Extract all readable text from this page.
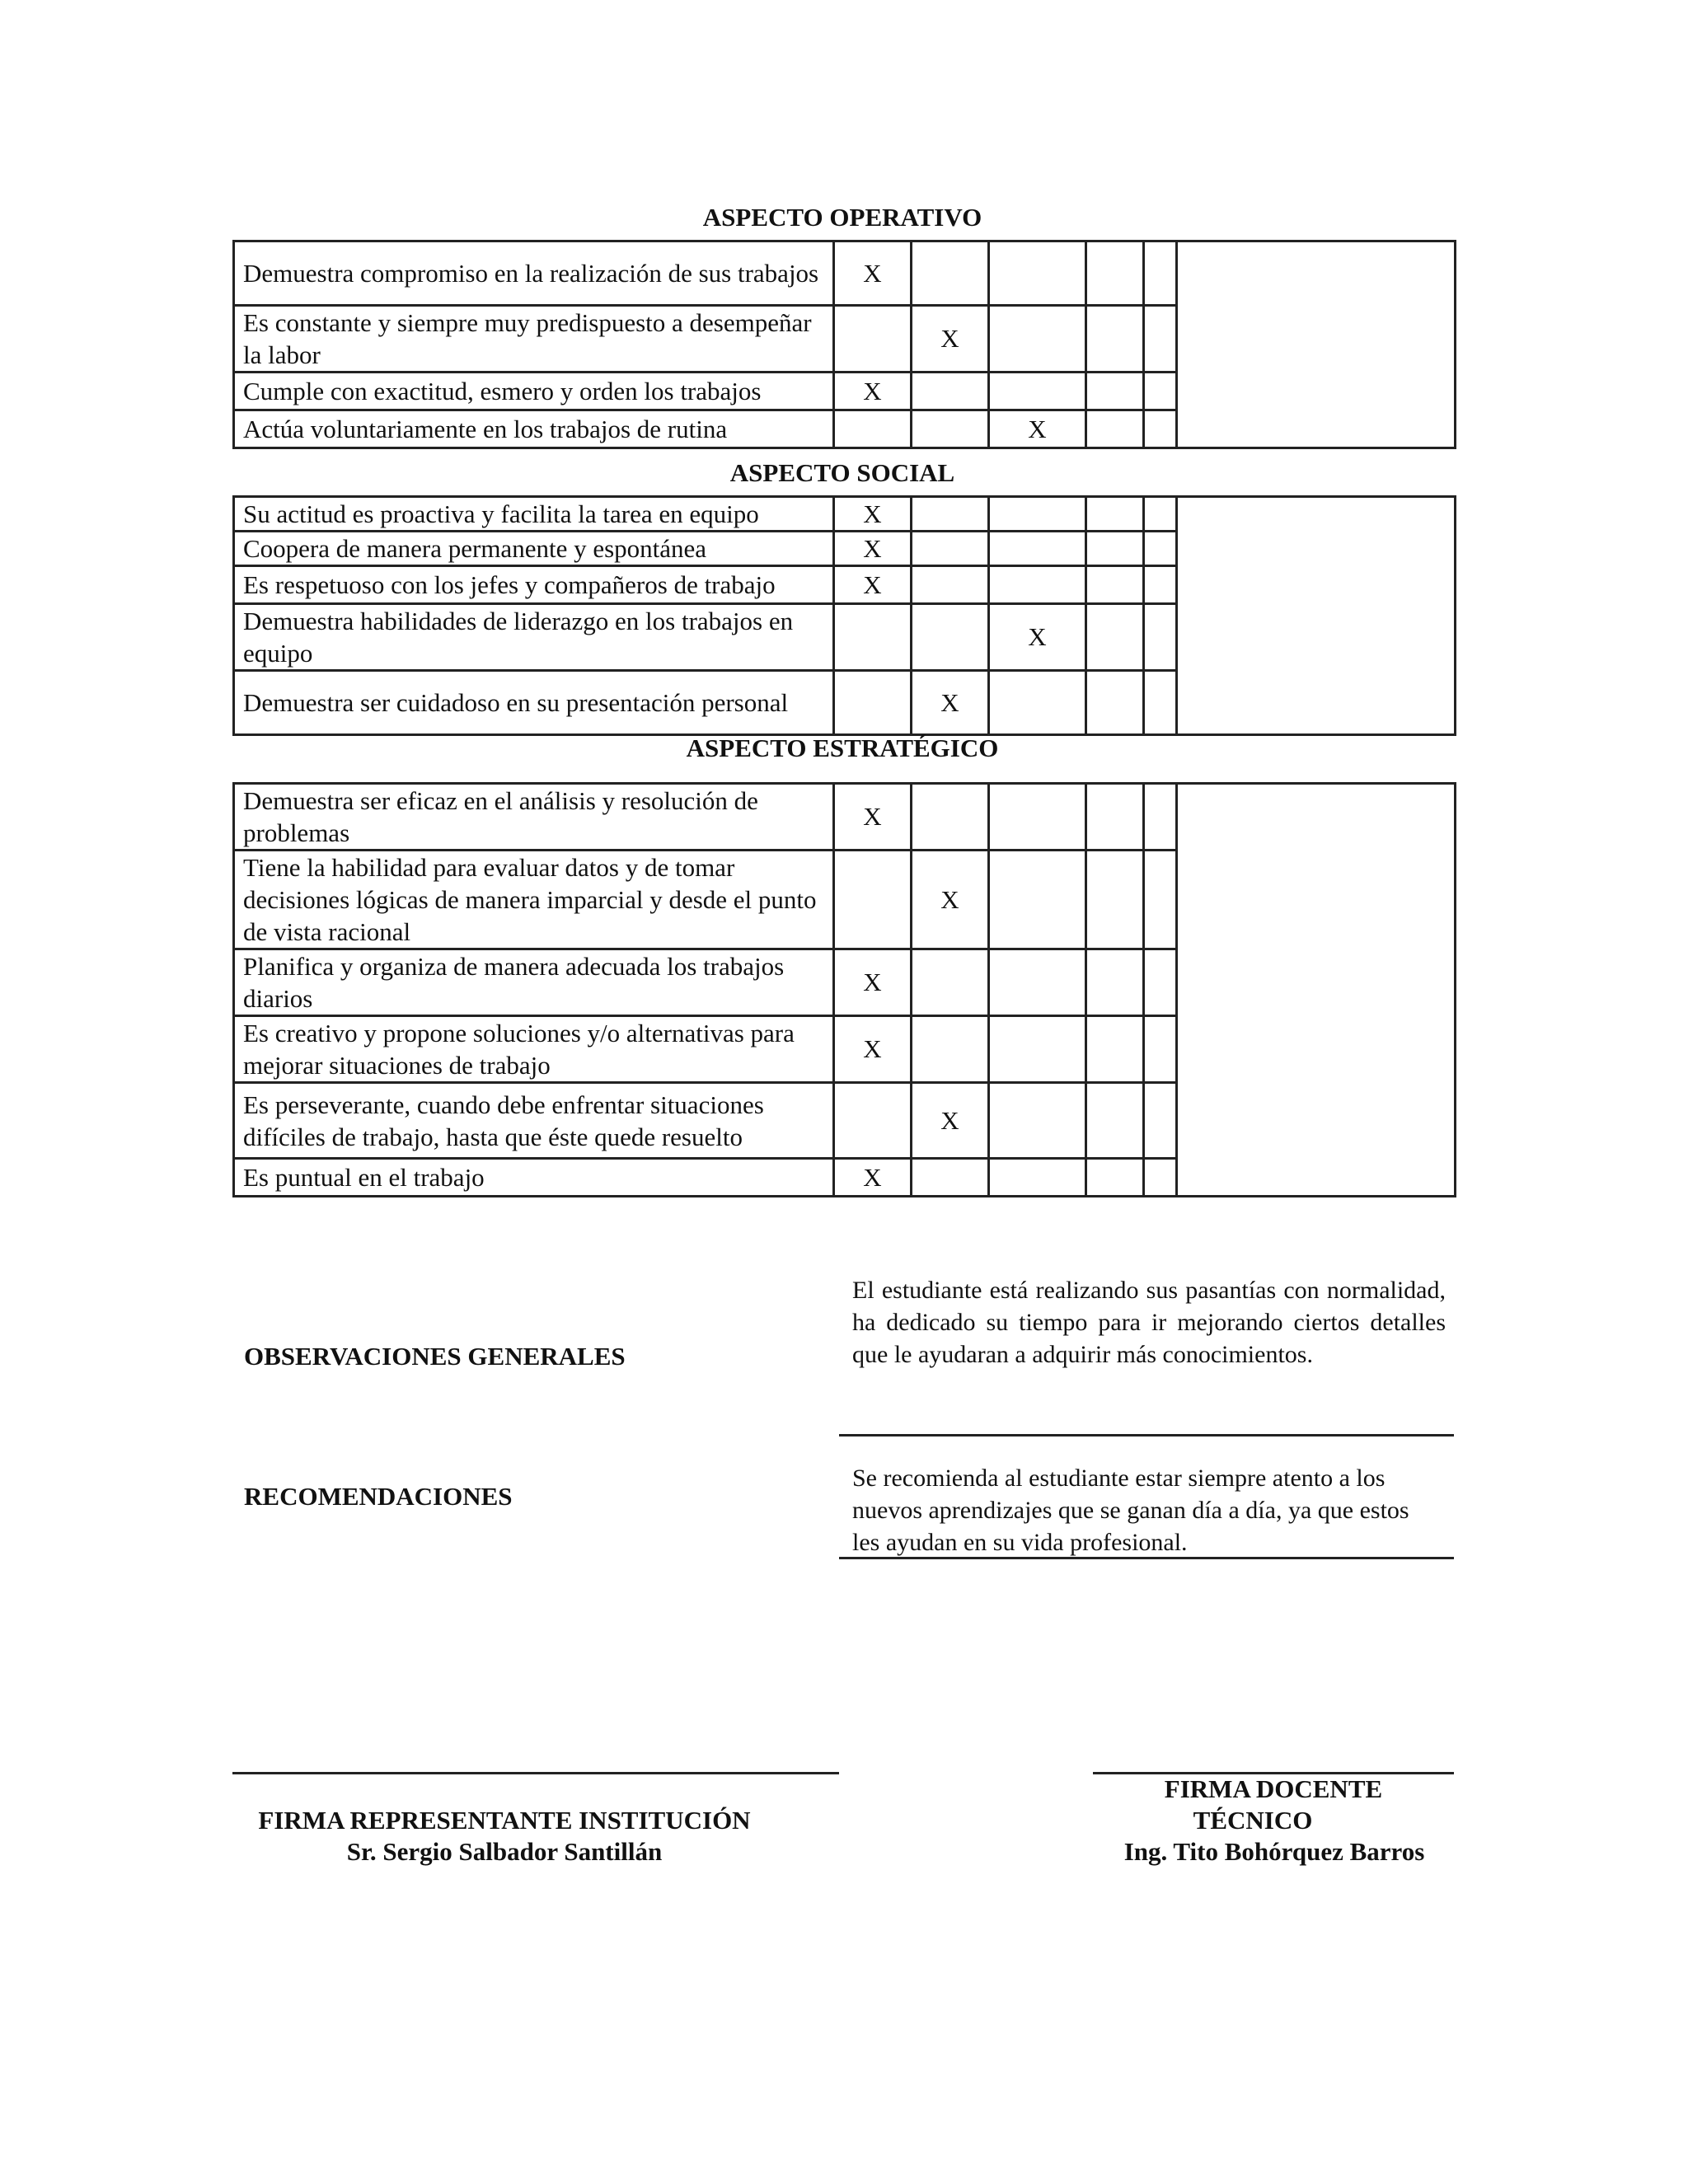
ASPECTO OPERATIVO
Demuestra compromiso en la realización de sus trabajos	X					
Es constante y siempre muy predispuesto a desempeñar la labor		X				
Cumple con exactitud, esmero y orden los trabajos	X					
Actúa voluntariamente en los trabajos de rutina			X			
ASPECTO SOCIAL
Su actitud es proactiva y facilita la tarea en equipo	X					
Coopera de manera permanente y espontánea	X					
Es respetuoso con los jefes y compañeros de trabajo	X					
Demuestra habilidades de liderazgo en los trabajos en equipo			X			
Demuestra ser cuidadoso en su presentación personal		X				
ASPECTO ESTRATÉGICO
Demuestra ser eficaz en el análisis y resolución de problemas	X					
Tiene la habilidad para evaluar datos y de tomar decisiones lógicas de manera imparcial y desde el punto de vista racional		X				
Planifica y organiza de manera adecuada los trabajos diarios	X					
Es creativo y propone soluciones y/o alternativas para mejorar situaciones de trabajo	X					
Es perseverante, cuando debe enfrentar situaciones difíciles de trabajo, hasta que éste quede resuelto		X				
Es puntual en el trabajo	X					
OBSERVACIONES GENERALES
El estudiante está realizando sus pasantías con normalidad, ha dedicado su tiempo para ir mejorando ciertos detalles que le ayudaran a adquirir más conocimientos.
RECOMENDACIONES
Se recomienda al estudiante estar siempre atento a los nuevos aprendizajes que se ganan día a día, ya que estos les ayudan en su vida profesional.
FIRMA REPRESENTANTE INSTITUCIÓN
Sr. Sergio Salbador Santillán
FIRMA DOCENTE
TÉCNICO
Ing. Tito Bohórquez Barros
